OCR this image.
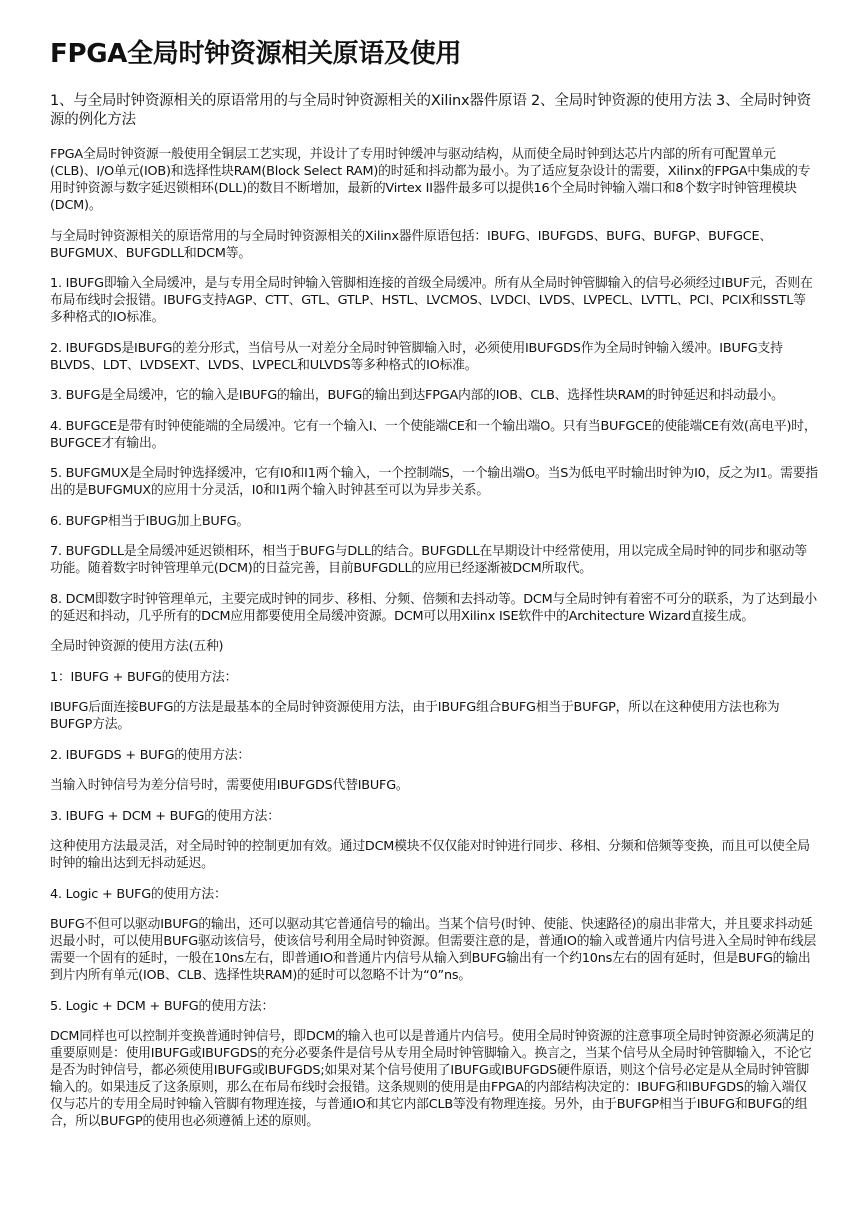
FPGA全局时钟资源相关原语及使用

1、与全局时钟资源相关的原语常用的与全局时钟资源相关的Xilinx器件原语 2、全局时钟资源的使用方法 3、全局时钟资源的例化方法

FPGA全局时钟资源一般使用全铜层工艺实现，并设计了专用时钟缓冲与驱动结构，从而使全局时钟到达芯片内部的所有可配置单元(CLB)、I/O单元(IOB)和选择性块RAM(Block Select RAM)的时延和抖动都为最小。为了适应复杂设计的需要，Xilinx的FPGA中集成的专用时钟资源与数字延迟锁相环(DLL)的数目不断增加，最新的Virtex II器件最多可以提供16个全局时钟输入端口和8个数字时钟管理模块(DCM)。

与全局时钟资源相关的原语常用的与全局时钟资源相关的Xilinx器件原语包括：IBUFG、IBUFGDS、BUFG、BUFGP、BUFGCE、BUFGMUX、BUFGDLL和DCM等。

1. IBUFG即输入全局缓冲，是与专用全局时钟输入管脚相连接的首级全局缓冲。所有从全局时钟管脚输入的信号必须经过IBUF元，否则在布局布线时会报错。IBUFG支持AGP、CTT、GTL、GTLP、HSTL、LVCMOS、LVDCI、LVDS、LVPECL、LVTTL、PCI、PCIX和SSTL等多种格式的IO标准。

2. IBUFGDS是IBUFG的差分形式，当信号从一对差分全局时钟管脚输入时，必须使用IBUFGDS作为全局时钟输入缓冲。IBUFG支持BLVDS、LDT、LVDSEXT、LVDS、LVPECL和ULVDS等多种格式的IO标准。

3. BUFG是全局缓冲，它的输入是IBUFG的输出，BUFG的输出到达FPGA内部的IOB、CLB、选择性块RAM的时钟延迟和抖动最小。

4. BUFGCE是带有时钟使能端的全局缓冲。它有一个输入I、一个使能端CE和一个输出端O。只有当BUFGCE的使能端CE有效(高电平)时，BUFGCE才有输出。

5. BUFGMUX是全局时钟选择缓冲，它有I0和I1两个输入，一个控制端S，一个输出端O。当S为低电平时输出时钟为I0，反之为I1。需要指出的是BUFGMUX的应用十分灵活，I0和I1两个输入时钟甚至可以为异步关系。

6. BUFGP相当于IBUG加上BUFG。

7. BUFGDLL是全局缓冲延迟锁相环，相当于BUFG与DLL的结合。BUFGDLL在早期设计中经常使用，用以完成全局时钟的同步和驱动等功能。随着数字时钟管理单元(DCM)的日益完善，目前BUFGDLL的应用已经逐渐被DCM所取代。

8. DCM即数字时钟管理单元，主要完成时钟的同步、移相、分频、倍频和去抖动等。DCM与全局时钟有着密不可分的联系，为了达到最小的延迟和抖动，几乎所有的DCM应用都要使用全局缓冲资源。DCM可以用Xilinx ISE软件中的Architecture Wizard直接生成。

全局时钟资源的使用方法(五种)

1：IBUFG + BUFG的使用方法：

IBUFG后面连接BUFG的方法是最基本的全局时钟资源使用方法，由于IBUFG组合BUFG相当于BUFGP，所以在这种使用方法也称为BUFGP方法。

2. IBUFGDS + BUFG的使用方法：

当输入时钟信号为差分信号时，需要使用IBUFGDS代替IBUFG。

3. IBUFG + DCM + BUFG的使用方法：

这种使用方法最灵活，对全局时钟的控制更加有效。通过DCM模块不仅仅能对时钟进行同步、移相、分频和倍频等变换，而且可以使全局时钟的输出达到无抖动延迟。

4. Logic + BUFG的使用方法：

BUFG不但可以驱动IBUFG的输出，还可以驱动其它普通信号的输出。当某个信号(时钟、使能、快速路径)的扇出非常大，并且要求抖动延迟最小时，可以使用BUFG驱动该信号，使该信号利用全局时钟资源。但需要注意的是，普通IO的输入或普通片内信号进入全局时钟布线层需要一个固有的延时，一般在10ns左右，即普通IO和普通片内信号从输入到BUFG输出有一个约10ns左右的固有延时，但是BUFG的输出到片内所有单元(IOB、CLB、选择性块RAM)的延时可以忽略不计为“0”ns。

5. Logic + DCM + BUFG的使用方法：

DCM同样也可以控制并变换普通时钟信号，即DCM的输入也可以是普通片内信号。使用全局时钟资源的注意事项全局时钟资源必须满足的重要原则是：使用IBUFG或IBUFGDS的充分必要条件是信号从专用全局时钟管脚输入。换言之，当某个信号从全局时钟管脚输入，不论它是否为时钟信号，都必须使用IBUFG或IBUFGDS;如果对某个信号使用了IBUFG或IBUFGDS硬件原语，则这个信号必定是从全局时钟管脚输入的。如果违反了这条原则，那么在布局布线时会报错。这条规则的使用是由FPGA的内部结构决定的：IBUFG和IBUFGDS的输入端仅仅与芯片的专用全局时钟输入管脚有物理连接，与普通IO和其它内部CLB等没有物理连接。另外，由于BUFGP相当于IBUFG和BUFG的组合，所以BUFGP的使用也必须遵循上述的原则。
